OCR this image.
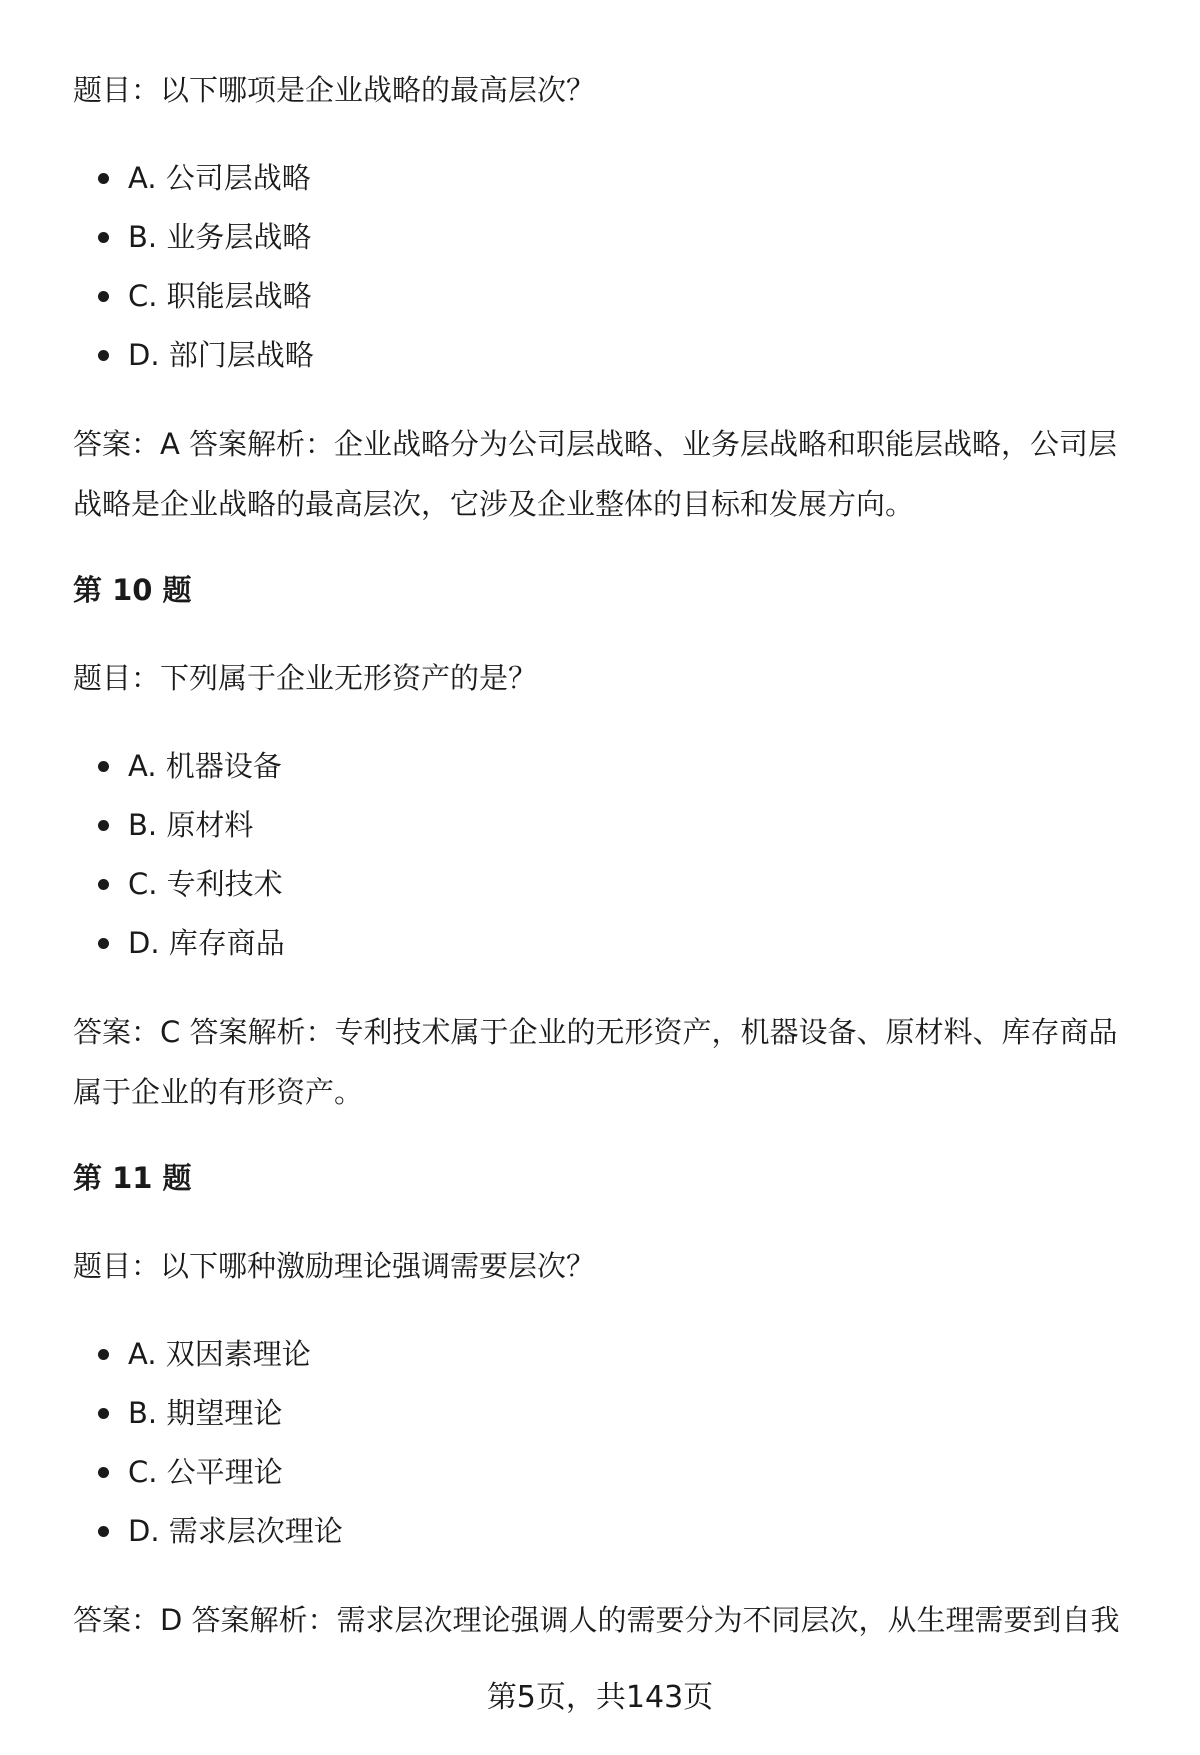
题目：以下哪项是企业战略的最高层次？
A. 公司层战略
B. 业务层战略
C. 职能层战略
D. 部门层战略
答案：A 答案解析：企业战略分为公司层战略、业务层战略和职能层战略，公司层
战略是企业战略的最高层次，它涉及企业整体的目标和发展方向。
第 10 题
题目：下列属于企业无形资产的是？
A. 机器设备
B. 原材料
C. 专利技术
D. 库存商品
答案：C 答案解析：专利技术属于企业的无形资产，机器设备、原材料、库存商品
属于企业的有形资产。
第 11 题
题目：以下哪种激励理论强调需要层次？
A. 双因素理论
B. 期望理论
C. 公平理论
D. 需求层次理论
答案：D 答案解析：需求层次理论强调人的需要分为不同层次，从生理需要到自我
第5页，共143页
